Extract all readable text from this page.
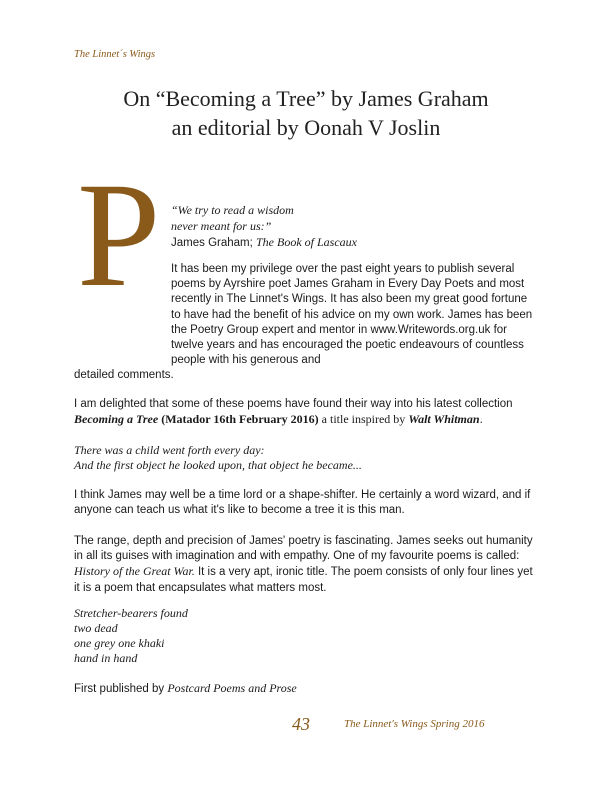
The Linnet´s Wings
On “Becoming a Tree” by James Graham
an editorial by Oonah V Joslin
P “We try to read a wisdom
never meant for us:”
James Graham; The Book of Lascaux
It has been my privilege over the past eight years to publish several poems by Ayrshire poet James Graham in Every Day Poets and most recently in The Linnet's Wings. It has also been my great good fortune to have had the benefit of his advice on my own work. James has been the Poetry Group expert and mentor in www.Writewords.org.uk for twelve years and has encouraged the poetic endeavours of countless people with his generous and
detailed comments.
I am delighted that some of these poems have found their way into his latest collection Becoming a Tree (Matador 16th February 2016) a title inspired by Walt Whitman.
There was a child went forth every day:
And the first object he looked upon, that object he became...
I think James may well be a time lord or a shape-shifter. He certainly a word wizard, and if anyone can teach us what it's like to become a tree it is this man.
The range, depth and precision of James' poetry is fascinating. James seeks out humanity in all its guises with imagination and with empathy. One of my favourite poems is called: History of the Great War. It is a very apt, ironic title. The poem consists of only four lines yet it is a poem that encapsulates what matters most.
Stretcher-bearers found
two dead
one grey one khaki
hand in hand
First published by Postcard Poems and Prose
43	The Linnet's Wings Spring 2016
